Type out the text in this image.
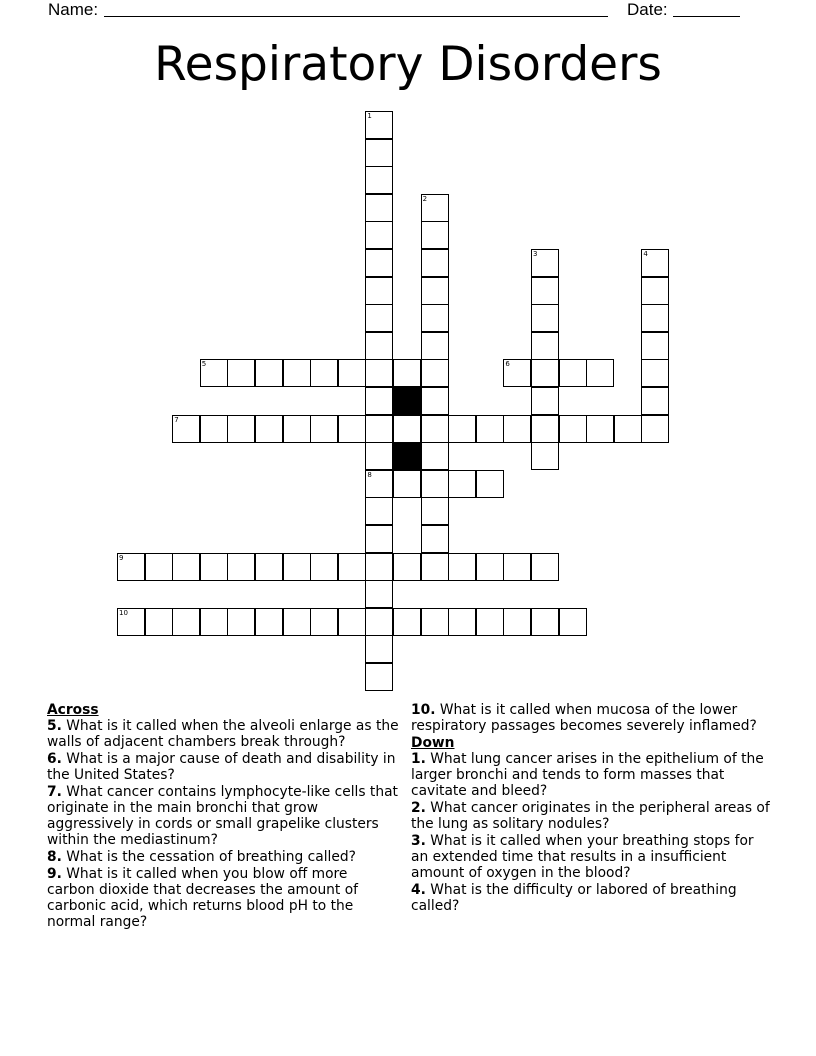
Name:	Date:
Respiratory Disorders
1
8
2
3	4
5	6
7
9
10
Across
5. What is it called when the alveoli enlarge as the walls of adjacent chambers break through?
6. What is a major cause of death and disability in the United States?
7. What cancer contains lymphocyte-like cells that originate in the main bronchi that grow aggressively in cords or small grapelike clusters within the mediastinum?
8. What is the cessation of breathing called?
9. What is it called when you blow off more carbon dioxide that decreases the amount of carbonic acid, which returns blood pH to the normal range?
10. What is it called when mucosa of the lower respiratory passages becomes severely inflamed?
Down
1. What lung cancer arises in the epithelium of the larger bronchi and tends to form masses that cavitate and bleed?
2. What cancer originates in the peripheral areas of the lung as solitary nodules?
3. What is it called when your breathing stops for an extended time that results in a insufficient amount of oxygen in the blood?
4. What is the difficulty or labored of breathing called?
